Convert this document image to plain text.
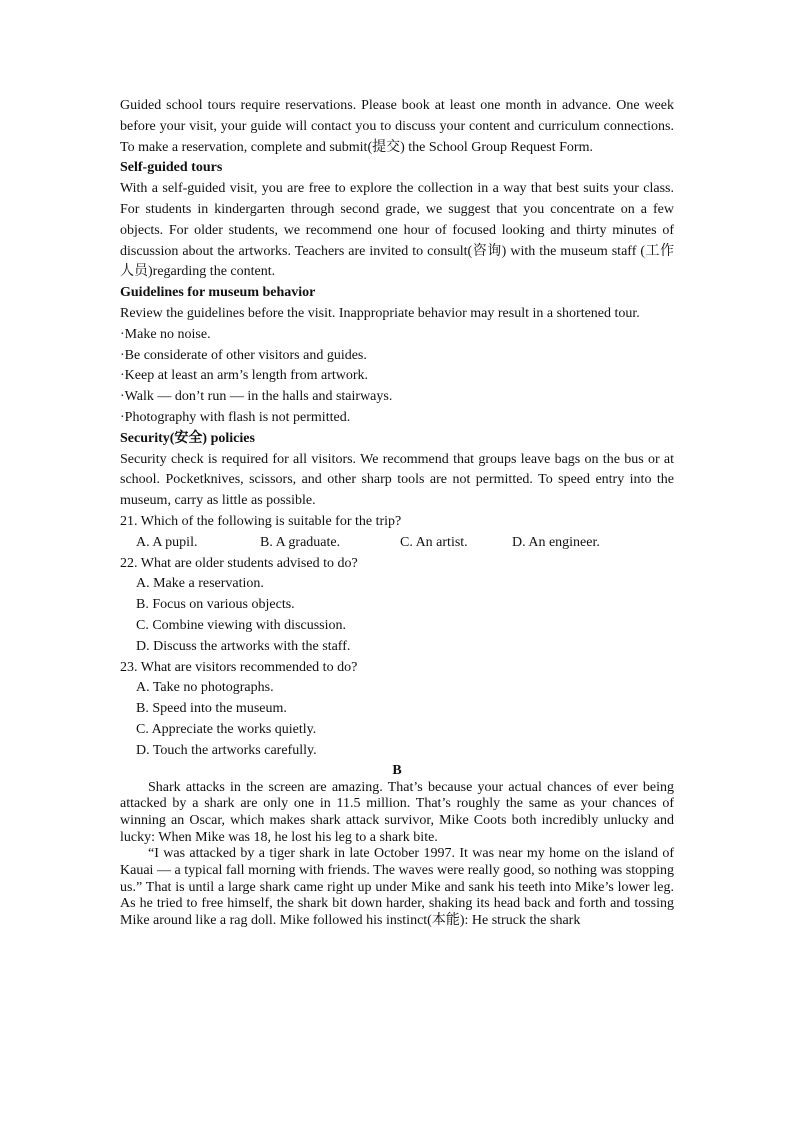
Guided school tours require reservations. Please book at least one month in advance. One week before your visit, your guide will contact you to discuss your content and curriculum connections. To make a reservation, complete and submit(提交) the School Group Request Form.

Self-guided tours

With a self-guided visit, you are free to explore the collection in a way that best suits your class. For students in kindergarten through second grade, we suggest that you concentrate on a few objects. For older students, we recommend one hour of focused looking and thirty minutes of discussion about the artworks. Teachers are invited to consult(咨询) with the museum staff (工作人员)regarding the content.

Guidelines for museum behavior

Review the guidelines before the visit. Inappropriate behavior may result in a shortened tour.

·Make no noise.
·Be considerate of other visitors and guides.
·Keep at least an arm’s length from artwork.
·Walk — don’t run — in the halls and stairways.
·Photography with flash is not permitted.
Security(安全) policies

Security check is required for all visitors. We recommend that groups leave bags on the bus or at school. Pocketknives, scissors, and other sharp tools are not permitted. To speed entry into the museum, carry as little as possible.

21. Which of the following is suitable for the trip?
A. A pupil.	B. A graduate.	C. An artist.	D. An engineer.
22. What are older students advised to do?
A. Make a reservation.
B. Focus on various objects.
C. Combine viewing with discussion.
D. Discuss the artworks with the staff.
23. What are visitors recommended to do?
A. Take no photographs.
B. Speed into the museum.
C. Appreciate the works quietly.
D. Touch the artworks carefully.
B

Shark attacks in the screen are amazing. That’s because your actual chances of ever being attacked by a shark are only one in 11.5 million. That’s roughly the same as your chances of winning an Oscar, which makes shark attack survivor, Mike Coots both incredibly unlucky and lucky: When Mike was 18, he lost his leg to a shark bite.

“I was attacked by a tiger shark in late October 1997. It was near my home on the island of Kauai — a typical fall morning with friends. The waves were really good, so nothing was stopping us.” That is until a large shark came right up under Mike and sank his teeth into Mike’s lower leg. As he tried to free himself, the shark bit down harder, shaking its head back and forth and tossing Mike around like a rag doll. Mike followed his instinct(本能): He struck the shark
